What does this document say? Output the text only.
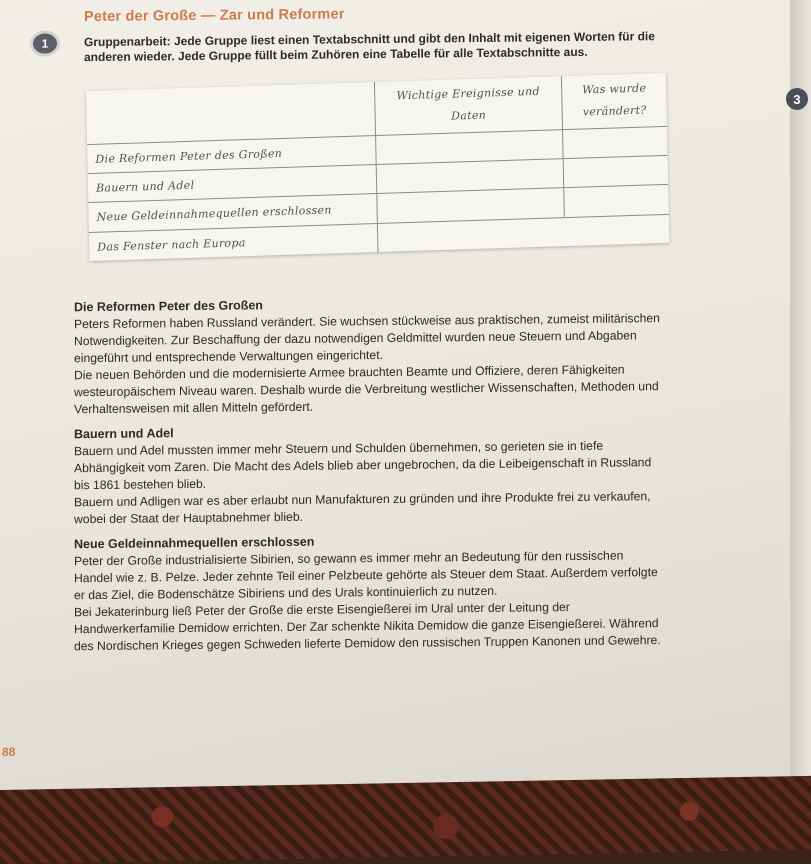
Peter der Große — Zar und Reformer
1	Gruppenarbeit: Jede Gruppe liest einen Textabschnitt und gibt den Inhalt mit eigenen Worten für die anderen wieder. Jede Gruppe füllt beim Zuhören eine Tabelle für alle Textabschnitte aus.

	Wichtige Ereignisse und Daten	Was wurde verändert?

Die Reformen Peter des Großen		
Bauern und Adel		
Neue Geldeinnahmequellen erschlossen		
Das Fenster nach Europa		
Die Reformen Peter des Großen

Peters Reformen haben Russland verändert. Sie wuchsen stückweise aus praktischen, zumeist militärischen Notwendigkeiten. Zur Beschaffung der dazu notwendigen Geldmittel wurden neue Steuern und Abgaben eingeführt und entsprechende Verwaltungen eingerichtet.

Die neuen Behörden und die modernisierte Armee brauchten Beamte und Offiziere, deren Fähigkeiten westeuropäischem Niveau waren. Deshalb wurde die Verbreitung westlicher Wissenschaften, Methoden und Verhaltensweisen mit allen Mitteln gefördert.

Bauern und Adel

Bauern und Adel mussten immer mehr Steuern und Schulden übernehmen, so gerieten sie in tiefe Abhängigkeit vom Zaren. Die Macht des Adels blieb aber ungebrochen, da die Leibeigenschaft in Russland bis 1861 bestehen blieb.

Bauern und Adligen war es aber erlaubt nun Manufakturen zu gründen und ihre Produkte frei zu verkaufen, wobei der Staat der Hauptabnehmer blieb.

Neue Geldeinnahmequellen erschlossen

Peter der Große industrialisierte Sibirien, so gewann es immer mehr an Bedeutung für den russischen Handel wie z. B. Pelze. Jeder zehnte Teil einer Pelzbeute gehörte als Steuer dem Staat. Außerdem verfolgte er das Ziel, die Bodenschätze Sibiriens und des Urals kontinuierlich zu nutzen.

Bei Jekaterinburg ließ Peter der Große die erste Eisengießerei im Ural unter der Leitung der Handwerkerfamilie Demidow errichten. Der Zar schenkte Nikita Demidow die ganze Eisengießerei. Während des Nordischen Krieges gegen Schweden lieferte Demidow den russischen Truppen Kanonen und Gewehre.

88
3
